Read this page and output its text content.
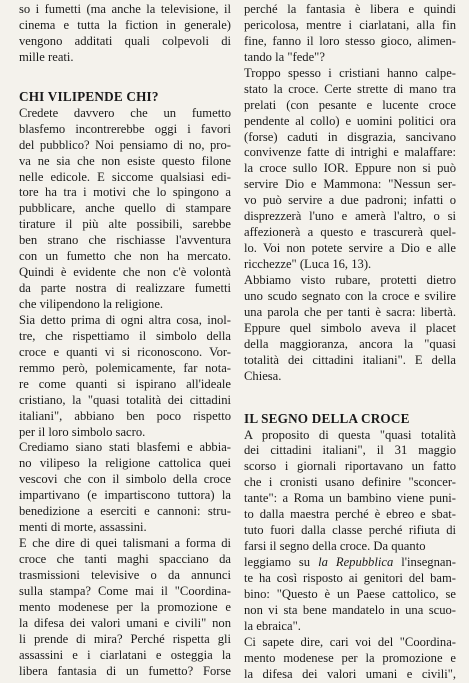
so i fumetti (ma anche la televisione, il
cinema e tutta la fiction in generale)
vengono additati quali colpevoli di
mille reati.
CHI VILIPENDE CHI?
Credete davvero che un fumetto
blasfemo incontrerebbe oggi i favori
del pubblico? Noi pensiamo di no, pro-
va ne sia che non esiste questo filone
nelle edicole. E siccome qualsiasi edi-
tore ha tra i motivi che lo spingono a
pubblicare, anche quello di stampare
tirature il più alte possibili, sarebbe
ben strano che rischiasse l'avventura
con un fumetto che non ha mercato.
Quindi è evidente che non c'è volontà
da parte nostra di realizzare fumetti
che vilipendono la religione.
Sia detto prima di ogni altra cosa, inol-
tre, che rispettiamo il simbolo della
croce e quanti vi si riconoscono. Vor-
remmo però, polemicamente, far nota-
re come quanti si ispirano all'ideale
cristiano, la "quasi totalità dei cittadini
italiani", abbiano ben poco rispetto
per il loro simbolo sacro.
Crediamo siano stati blasfemi e abbia-
no vilipeso la religione cattolica quei
vescovi che con il simbolo della croce
impartivano (e impartiscono tuttora) la
benedizione a eserciti e cannoni: stru-
menti di morte, assassini.
E che dire di quei talismani a forma di
croce che tanti maghi spacciano da
trasmissioni televisive o da annunci
sulla stampa? Come mai il "Coordina-
mento modenese per la promozione e
la difesa dei valori umani e civili" non
li prende di mira? Perché rispetta gli
assassini e i ciarlatani e osteggia la
libera fantasia di un fumetto? Forse
perché la fantasia è libera e quindi
pericolosa, mentre i ciarlatani, alla fin
fine, fanno il loro stesso gioco, alimen-
tando la "fede"?
Troppo spesso i cristiani hanno calpe-
stato la croce. Certe strette di mano tra
prelati (con pesante e lucente croce
pendente al collo) e uomini politici ora
(forse) caduti in disgrazia, sancivano
convivenze fatte di intrighi e malaffare:
la croce sullo IOR. Eppure non si può
servire Dio e Mammona: "Nessun ser-
vo può servire a due padroni; infatti o
disprezzerà l'uno e amerà l'altro, o si
affezionerà a questo e trascurerà quel-
lo. Voi non potete servire a Dio e alle
ricchezze" (Luca 16, 13).
Abbiamo visto rubare, protetti dietro
uno scudo segnato con la croce e svilire
una parola che per tanti è sacra: libertà.
Eppure quel simbolo aveva il placet
della maggioranza, ancora la "quasi
totalità dei cittadini italiani". E della
Chiesa.
IL SEGNO DELLA CROCE
A proposito di questa "quasi totalità
dei cittadini italiani", il 31 maggio
scorso i giornali riportavano un fatto
che i cronisti usano definire "sconcer-
tante": a Roma un bambino viene puni-
to dalla maestra perché è ebreo e sbat-
tuto fuori dalla classe perché rifiuta di
farsi il segno della croce. Da quanto
leggiamo su la Repubblica l'insegnan-
te ha così risposto ai genitori del bam-
bino: "Questo è un Paese cattolico, se
non vi sta bene mandatelo in una scuo-
la ebraica".
Ci sapete dire, cari voi del "Coordina-
mento modenese per la promozione e
la difesa dei valori umani e civili",
